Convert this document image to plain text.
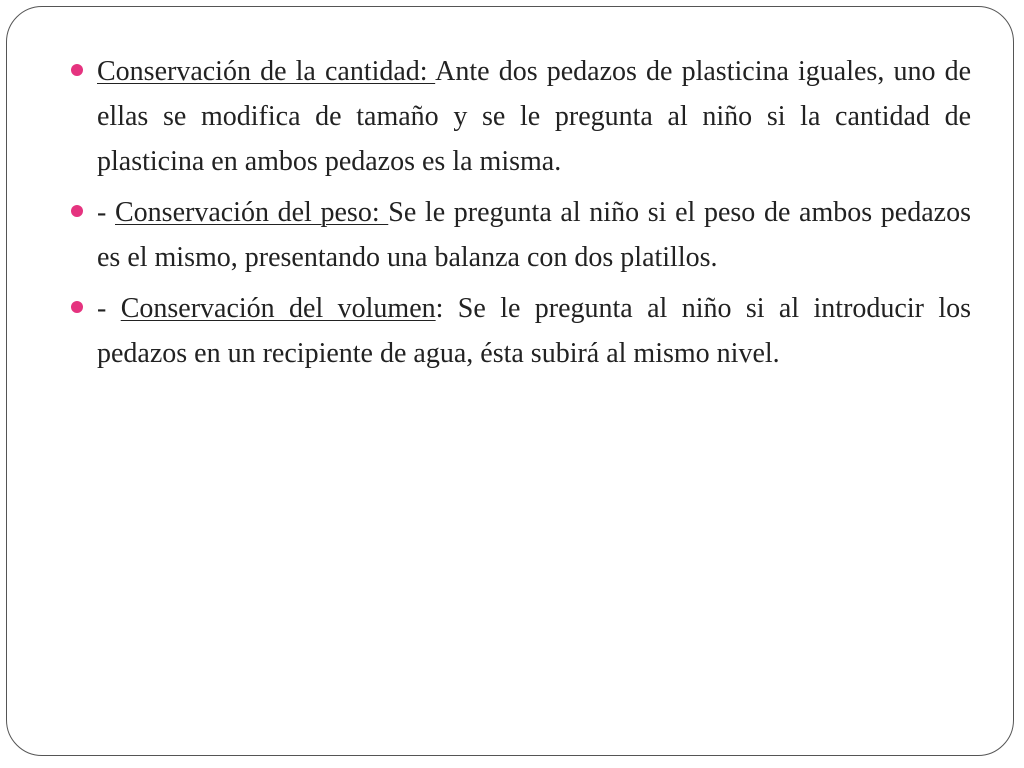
Conservación de la cantidad: Ante dos pedazos de plasticina iguales, uno de ellas se modifica de tamaño y se le pregunta al niño si la cantidad de plasticina en ambos pedazos es la misma.
- Conservación del peso: Se le pregunta al niño si el peso de ambos pedazos es el mismo, presentando una balanza con dos platillos.
- Conservación del volumen: Se le pregunta al niño si al introducir los pedazos en un recipiente de agua, ésta subirá al mismo nivel.
